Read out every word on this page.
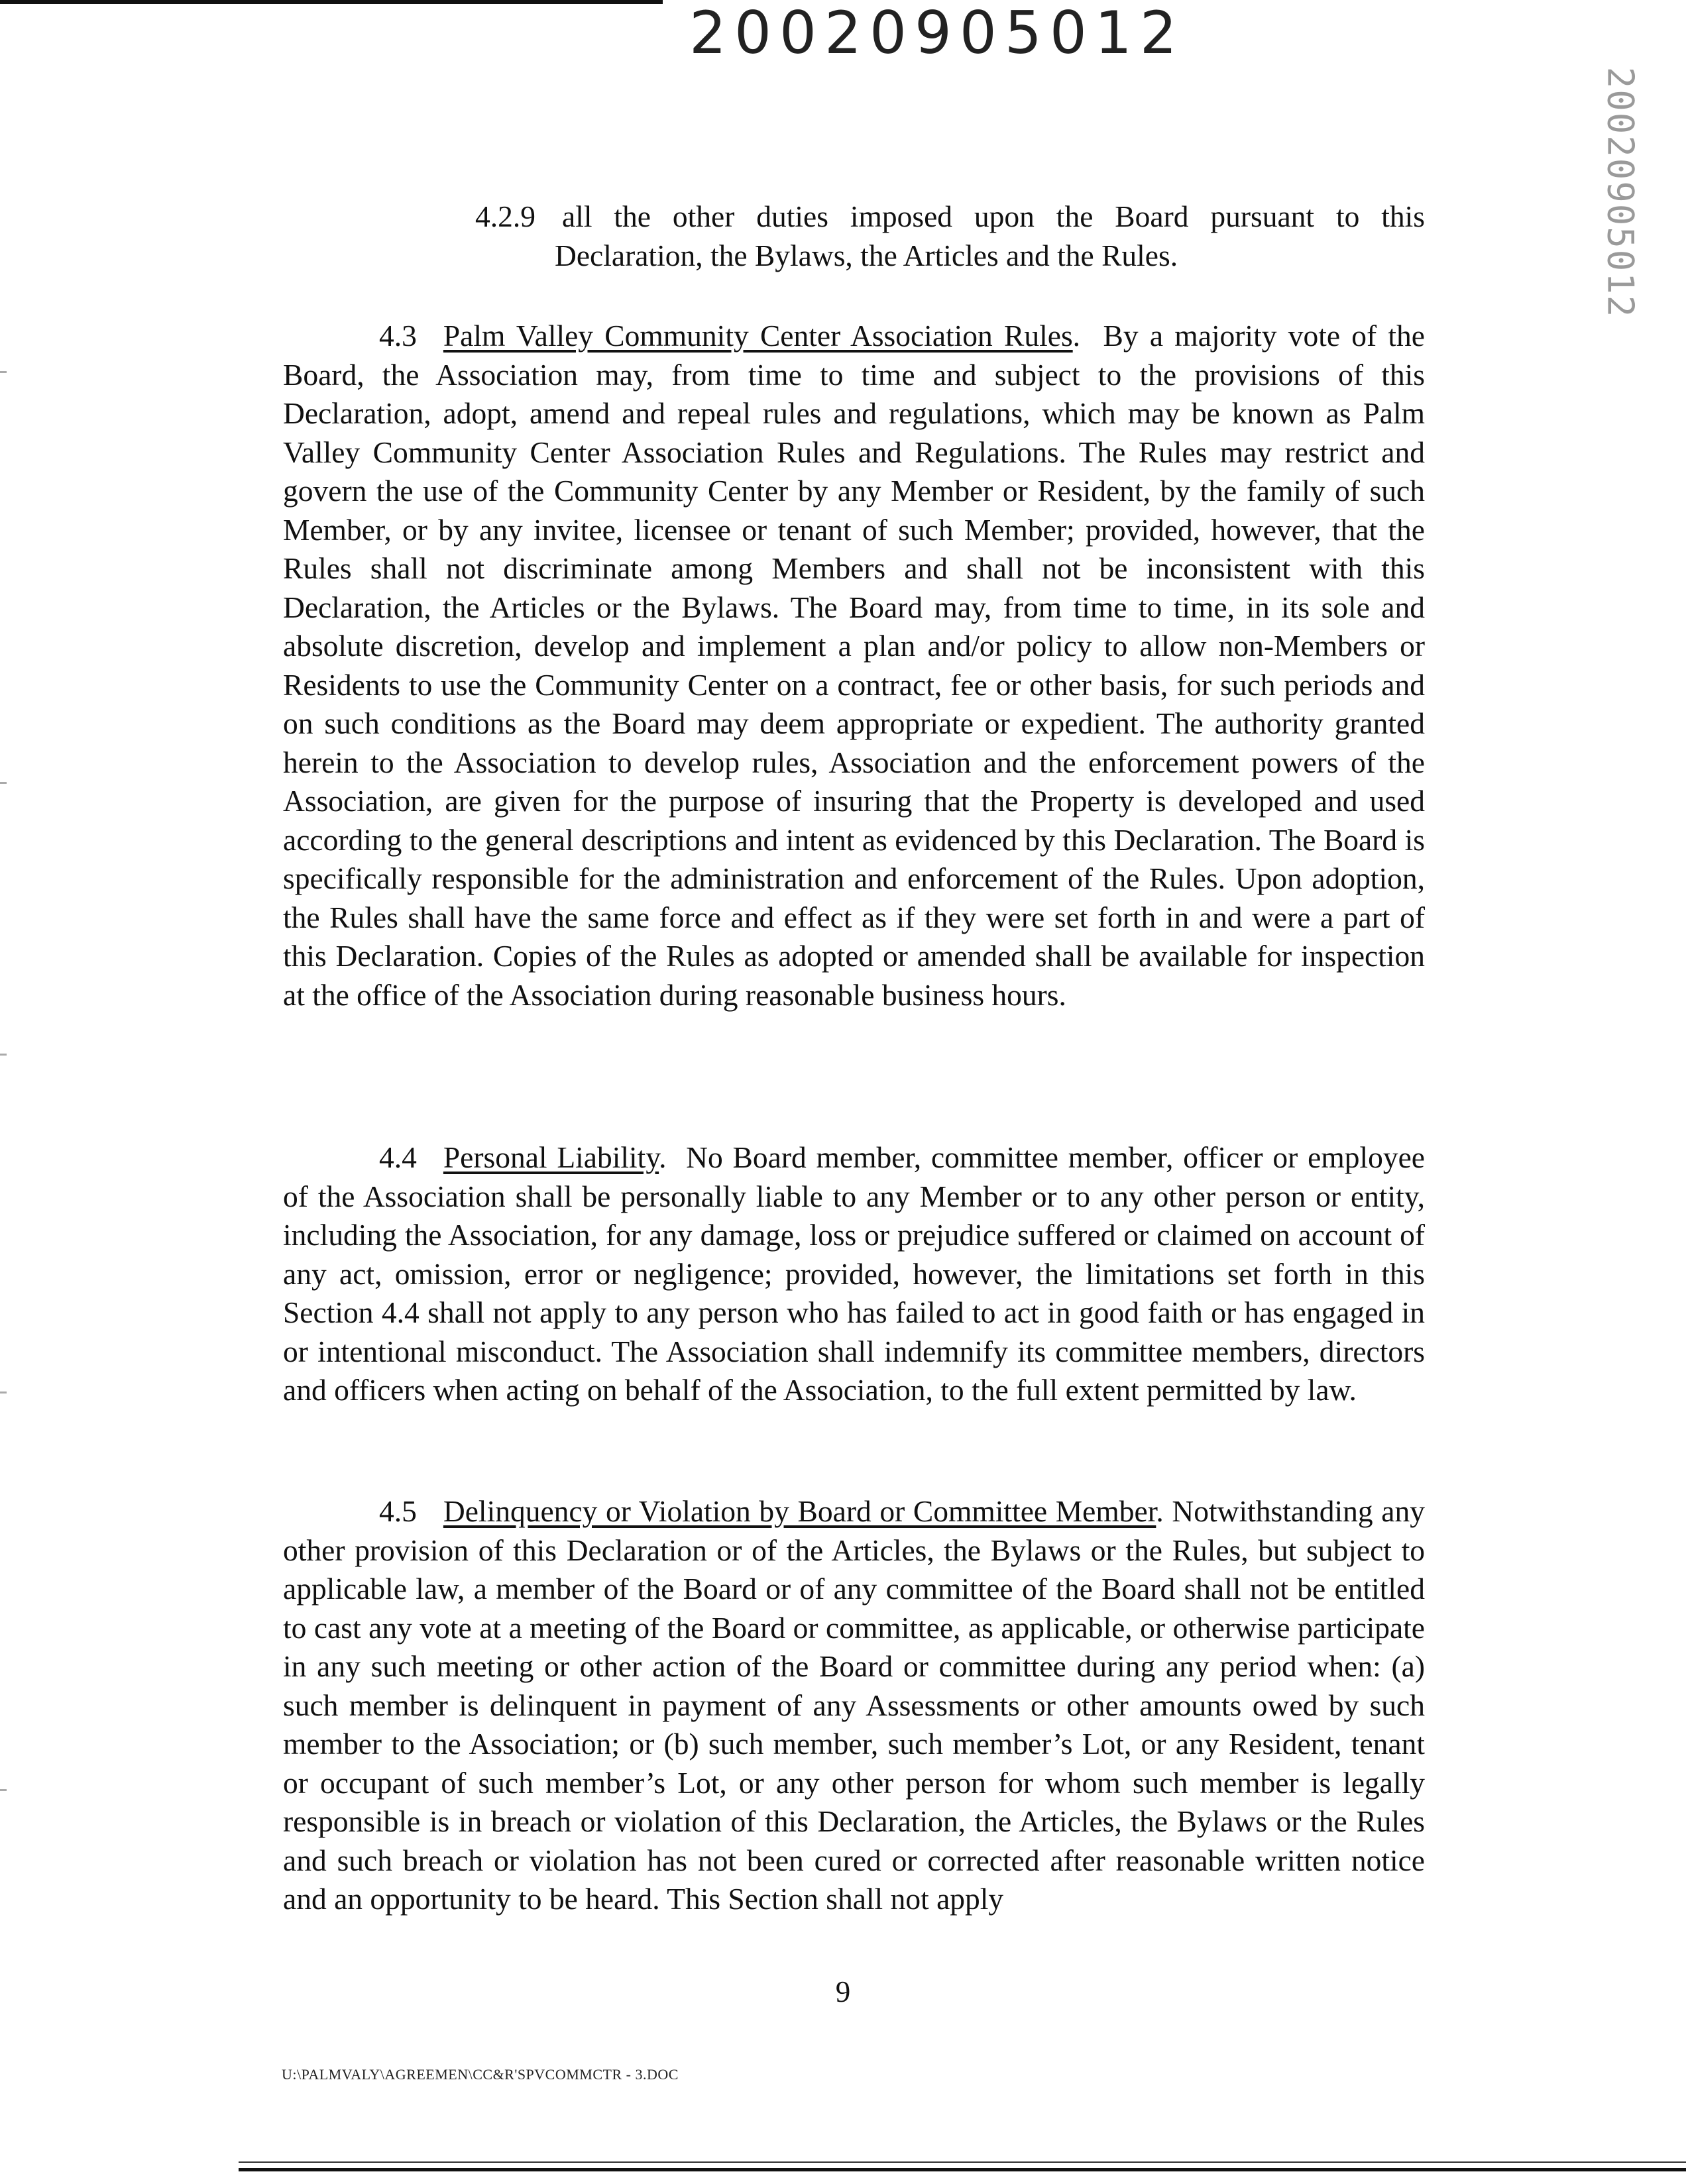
20020905012
20020905012

4.2.9 all the other duties imposed upon the Board pursuant to this Declaration, the Bylaws, the Articles and the Rules.

4.3 Palm Valley Community Center Association Rules.  By a majority vote of the Board, the Association may, from time to time and subject to the provisions of this Declaration, adopt, amend and repeal rules and regulations, which may be known as Palm Valley Community Center Association Rules and Regulations. The Rules may restrict and govern the use of the Community Center by any Member or Resident, by the family of such Member, or by any invitee, licensee or tenant of such Member; provided, however, that the Rules shall not discriminate among Members and shall not be inconsistent with this Declaration, the Articles or the Bylaws. The Board may, from time to time, in its sole and absolute discretion, develop and implement a plan and/or policy to allow non-Members or Residents to use the Community Center on a contract, fee or other basis, for such periods and on such conditions as the Board may deem appropriate or expedient. The authority granted herein to the Association to develop rules, Association and the enforcement powers of the Association, are given for the purpose of insuring that the Property is developed and used according to the general descriptions and intent as evidenced by this Declaration. The Board is specifically responsible for the administration and enforcement of the Rules. Upon adoption, the Rules shall have the same force and effect as if they were set forth in and were a part of this Declaration. Copies of the Rules as adopted or amended shall be available for inspection at the office of the Association during reasonable business hours.

4.4 Personal Liability.  No Board member, committee member, officer or employee of the Association shall be personally liable to any Member or to any other person or entity, including the Association, for any damage, loss or prejudice suffered or claimed on account of any act, omission, error or negligence; provided, however, the limitations set forth in this Section 4.4 shall not apply to any person who has failed to act in good faith or has engaged in or intentional misconduct. The Association shall indemnify its committee members, directors and officers when acting on behalf of the Association, to the full extent permitted by law.

4.5 Delinquency or Violation by Board or Committee Member. Notwithstanding any other provision of this Declaration or of the Articles, the Bylaws or the Rules, but subject to applicable law, a member of the Board or of any committee of the Board shall not be entitled to cast any vote at a meeting of the Board or committee, as applicable, or otherwise participate in any such meeting or other action of the Board or committee during any period when: (a) such member is delinquent in payment of any Assessments or other amounts owed by such member to the Association; or (b) such member, such member’s Lot, or any Resident, tenant or occupant of such member’s Lot, or any other person for whom such member is legally responsible is in breach or violation of this Declaration, the Articles, the Bylaws or the Rules and such breach or violation has not been cured or corrected after reasonable written notice and an opportunity to be heard. This Section shall not apply

9
U:\PALMVALY\AGREEMEN\CC&R'SPVCOMMCTR - 3.DOC
